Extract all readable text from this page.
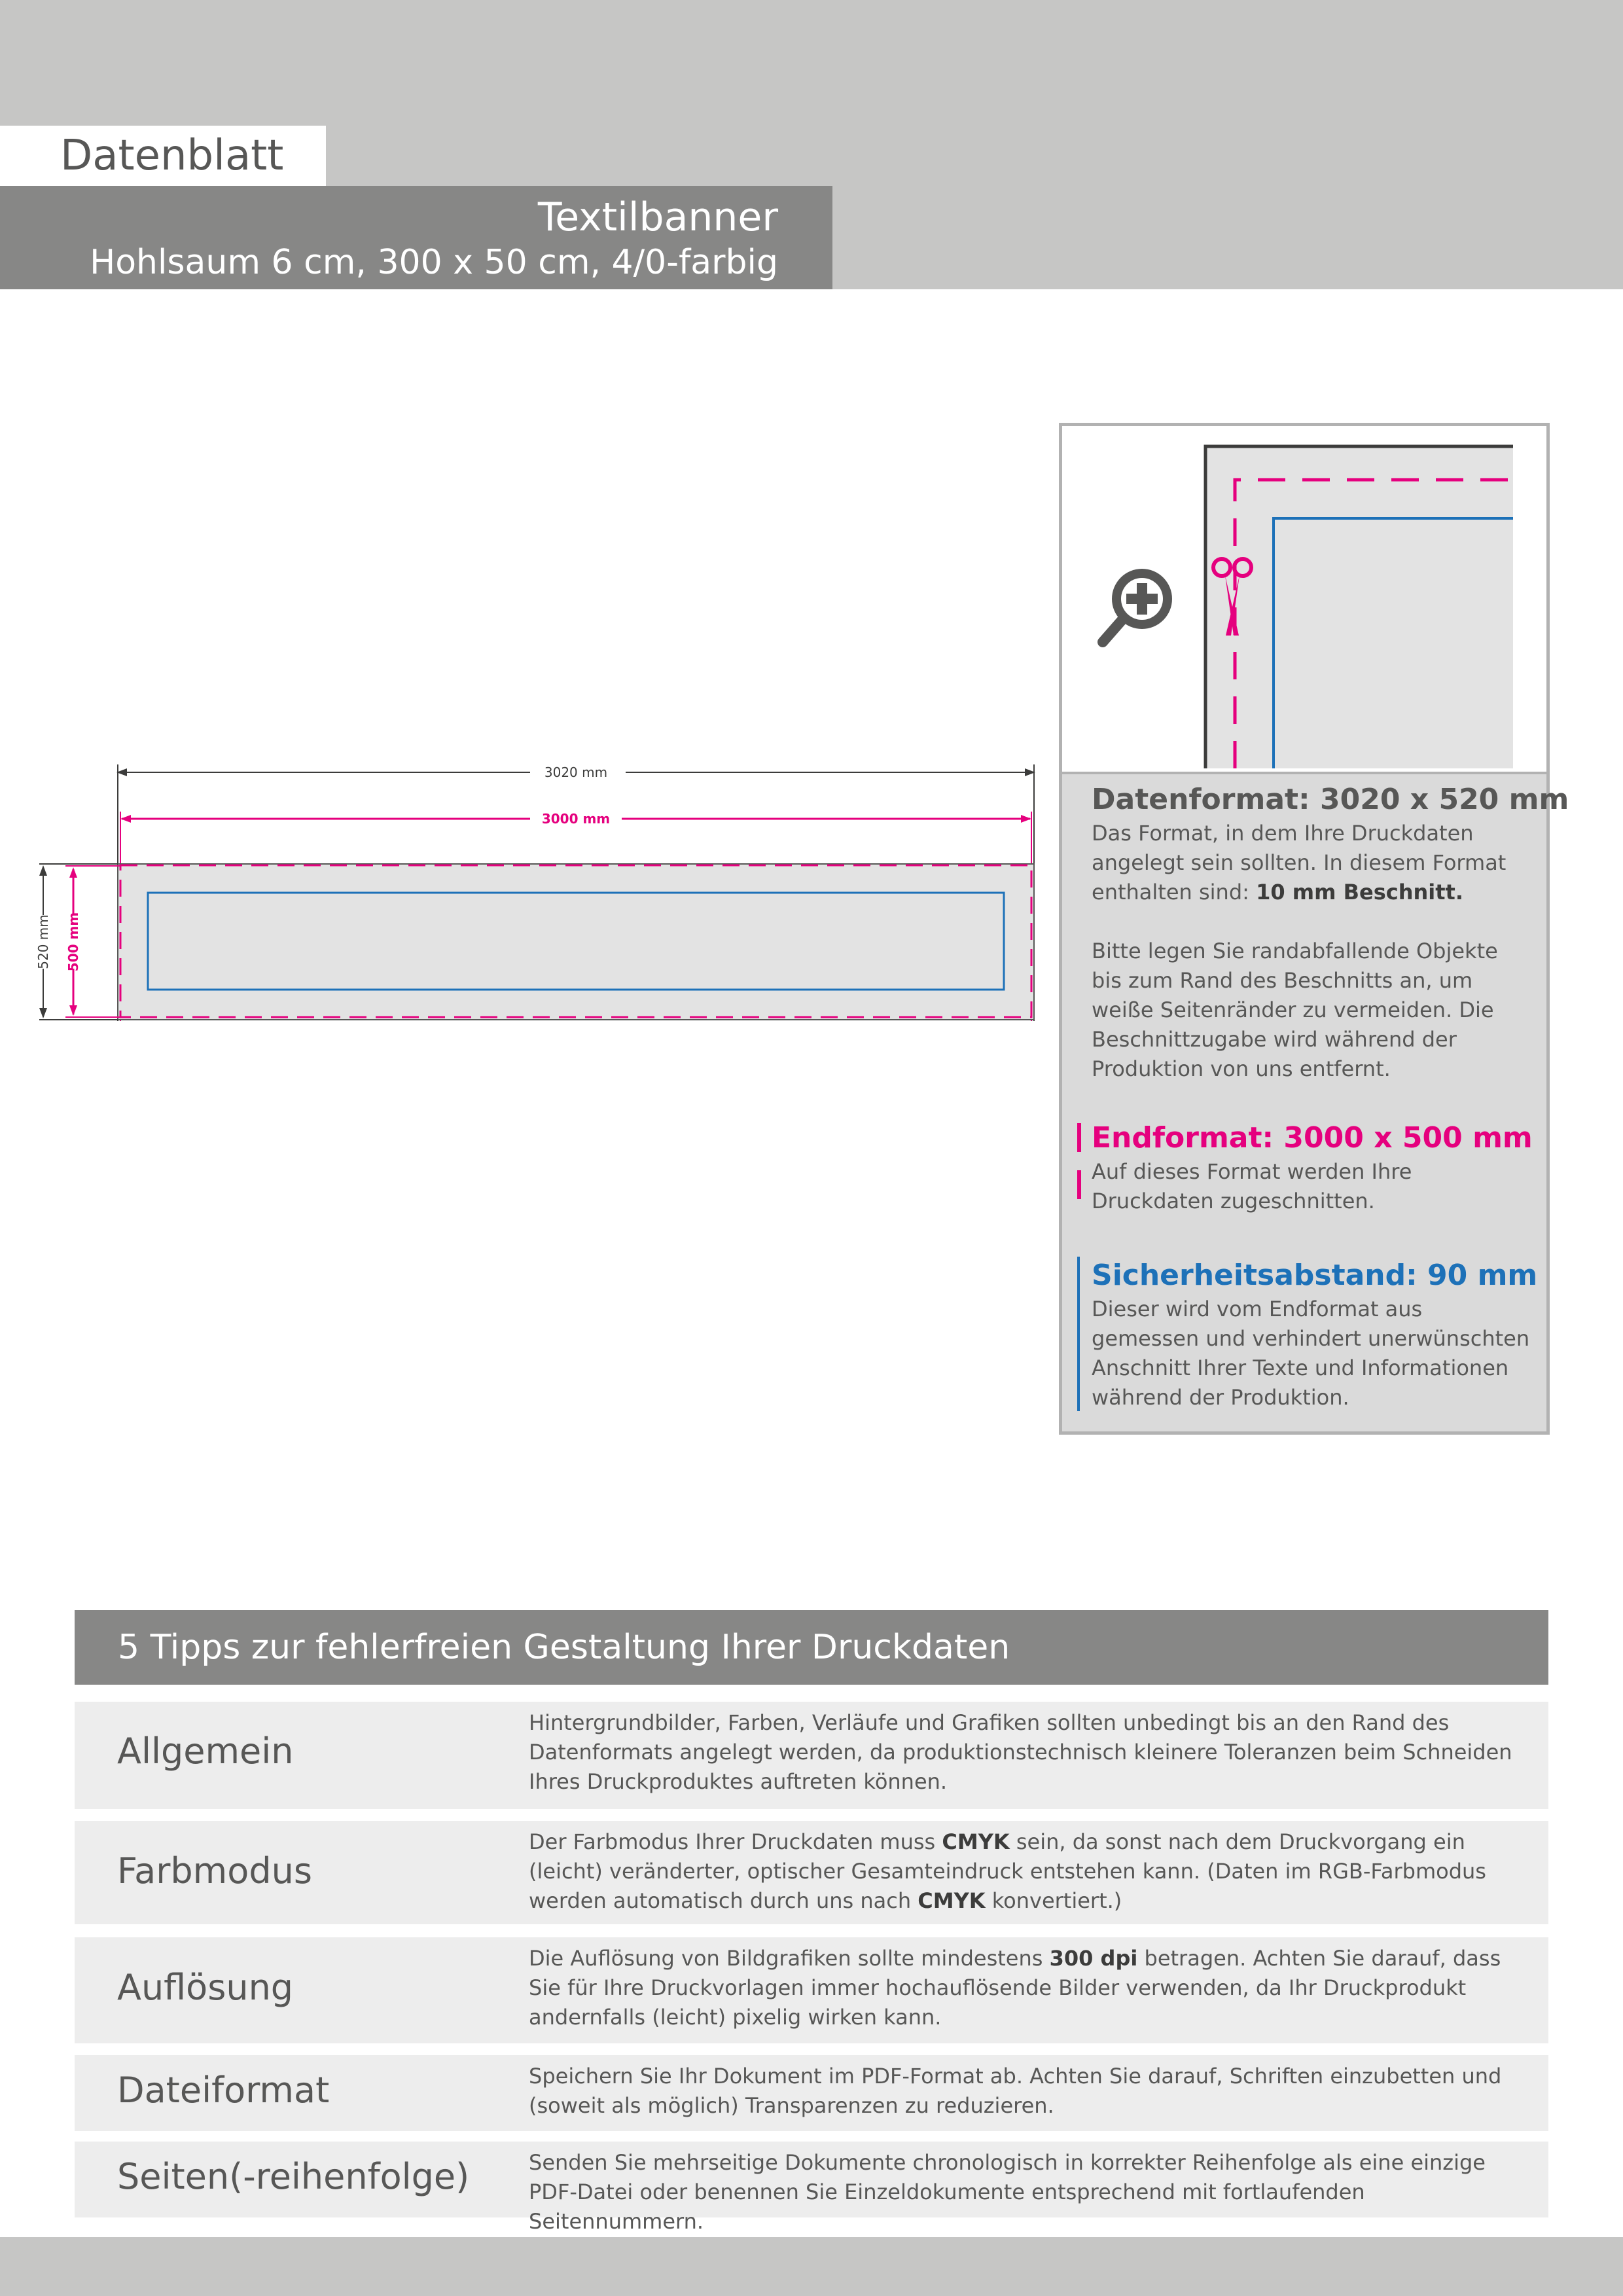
Datenblatt
Textilbanner
Hohlsaum 6 cm, 300 x 50 cm, 4/0-farbig
3020 mm
3000 mm
520 mm 500 mm
Datenformat: 3020 x 520 mm
Das Format, in dem Ihre Druckdaten angelegt sein sollten. In diesem Format enthalten sind: 10 mm Beschnitt.
Bitte legen Sie randabfallende Objekte bis zum Rand des Beschnitts an, um weiße Seitenränder zu vermeiden. Die Beschnittzugabe wird während der Produktion von uns entfernt.
Endformat: 3000 x 500 mm
Auf dieses Format werden Ihre Druckdaten zugeschnitten.
Sicherheitsabstand: 90 mm
Dieser wird vom Endformat aus gemessen und verhindert unerwünschten Anschnitt Ihrer Texte und Informationen während der Produktion.
5 Tipps zur fehlerfreien Gestaltung Ihrer Druckdaten
Allgemein
Hintergrundbilder, Farben, Verläufe und Grafiken sollten unbedingt bis an den Rand des Datenformats angelegt werden, da produktionstechnisch kleinere Toleranzen beim Schneiden Ihres Druckproduktes auftreten können.
Farbmodus
Der Farbmodus Ihrer Druckdaten muss CMYK sein, da sonst nach dem Druckvorgang ein (leicht) veränderter, optischer Gesamteindruck entstehen kann. (Daten im RGB-Farbmodus werden automatisch durch uns nach CMYK konvertiert.)
Auflösung
Die Auflösung von Bildgrafiken sollte mindestens 300 dpi betragen. Achten Sie darauf, dass Sie für Ihre Druckvorlagen immer hochauflösende Bilder verwenden, da Ihr Druckprodukt andernfalls (leicht) pixelig wirken kann.
Dateiformat	Speichern Sie Ihr Dokument im PDF-Format ab. Achten Sie darauf, Schriften einzubetten und (soweit als möglich) Transparenzen zu reduzieren.
Seiten(-reihenfolge)	Senden Sie mehrseitige Dokumente chronologisch in korrekter Reihenfolge als eine einzige PDF-Datei oder benennen Sie Einzeldokumente entsprechend mit fortlaufenden Seitennummern.
